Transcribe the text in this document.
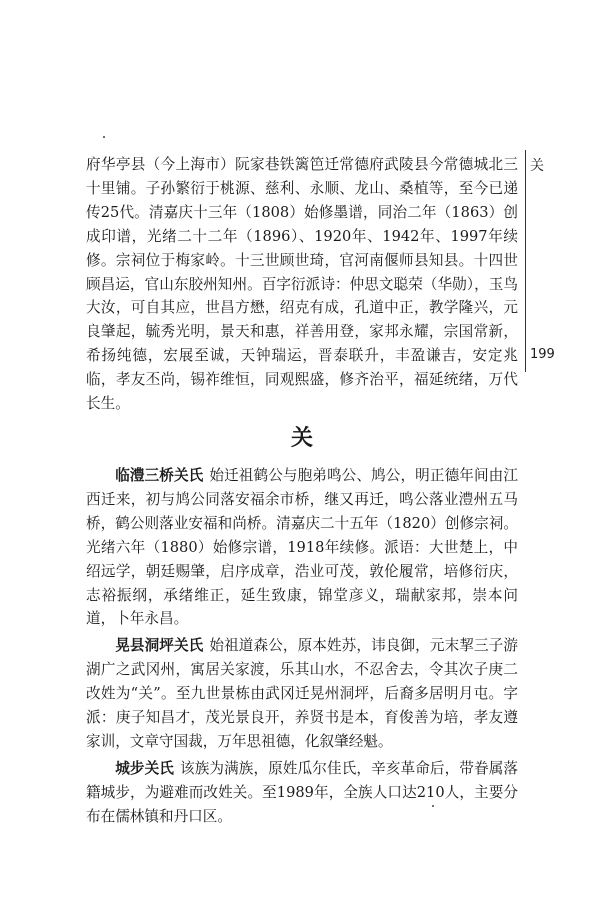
关
199

府华亭县（今上海市）阮家巷铁篱笆迁常德府武陵县今常德城北三十里铺。子孙繁衍于桃源、慈利、永顺、龙山、桑植等，至今已递传25代。清嘉庆十三年（1808）始修墨谱，同治二年（1863）创成印谱，光绪二十二年（1896）、1920年、1942年、1997年续修。宗祠位于梅家岭。十三世顾世琦，官河南偃师县知县。十四世顾昌运，官山东胶州知州。百字衍派诗：仲思文聪荣（华勋），玉鸟大汝，可自其应，世昌方懋，绍克有成，孔道中正，教学隆兴，元良肇起，毓秀光明，景天和惠，祥善用登，家邦永耀，宗国常新，希扬纯德，宏展至诚，天钟瑞运，晋泰联升，丰盈谦吉，安定兆临，孝友丕尚，锡祚维恒，同观熙盛，修齐治平，福延统绪，万代长生。

关

临澧三桥关氏 始迁祖鹤公与胞弟鸣公、鸠公，明正德年间由江西迁来，初与鸠公同落安福余市桥，继又再迁，鸣公落业澧州五马桥，鹤公则落业安福和尚桥。清嘉庆二十五年（1820）创修宗祠。光绪六年（1880）始修宗谱，1918年续修。派语：大世楚上，中绍远学，朝廷赐肇，启序成章，浩业可茂，敦伦履常，培修衍庆，志裕振纲，承绪维正，延生致康，锦堂彦义，瑞献家邦，崇本问道，卜年永昌。

晃县洞坪关氏 始祖道森公，原本姓苏，讳良御，元末挈三子游湖广之武冈州，寓居关家渡，乐其山水，不忍舍去，令其次子庚二改姓为“关”。至九世景栋由武冈迁晃州洞坪，后裔多居明月屯。字派：庚子知昌才，茂光景良开，养贤书是本，育俊善为培，孝友遵家训，文章守国裁，万年思祖德，化叙肇经魁。

城步关氏 该族为满族，原姓瓜尔佳氏，辛亥革命后，带眷属落籍城步，为避难而改姓关。至1989年，全族人口达210人，主要分布在儒林镇和丹口区。
